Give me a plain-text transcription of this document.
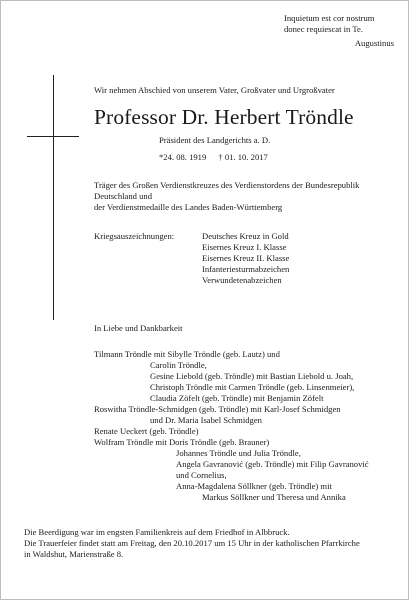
Inquietum est cor nostrum
donec requiescat in Te.
Augustinus
Wir nehmen Abschied von unserem Vater, Großvater und Urgroßvater
Professor Dr. Herbert Tröndle
Präsident des Landgerichts a. D.
*24. 08. 1919 † 01. 10. 2017
Träger des Großen Verdienstkreuzes des Verdienstordens der Bundesrepublik
Deutschland und
der Verdienstmedaille des Landes Baden-Württemberg
Kriegsauszeichnungen:	Deutsches Kreuz in Gold
Eisernes Kreuz I. Klasse
Eisernes Kreuz II. Klasse
Infanteriesturmabzeichen
Verwundetenabzeichen
In Liebe und Dankbarkeit
Tilmann Tröndle mit Sibylle Tröndle (geb. Lautz) und
Carolin Tröndle,
Gesine Liebold (geb. Tröndle) mit Bastian Liebold u. Joah,
Christoph Tröndle mit Carmen Tröndle (geb. Linsenmeier),
Claudia Zöfelt (geb. Tröndle) mit Benjamin Zöfelt
Roswitha Tröndle-Schmidgen (geb. Tröndle) mit Karl-Josef Schmidgen
und Dr. Maria Isabel Schmidgen
Renate Ueckert (geb. Tröndle)
Wolfram Tröndle mit Doris Tröndle (geb. Brauner)
Johannes Tröndle und Julia Tröndle,
Angela Gavranović (geb. Tröndle) mit Filip Gavranović
und Cornelius,
Anna-Magdalena Söllkner (geb. Tröndle) mit
Markus Söllkner und Theresa und Annika
Die Beerdigung war im engsten Familienkreis auf dem Friedhof in Albbruck.
Die Trauerfeier findet statt am Freitag, den 20.10.2017 um 15 Uhr in der katholischen Pfarrkirche
in Waldshut, Marienstraße 8.
